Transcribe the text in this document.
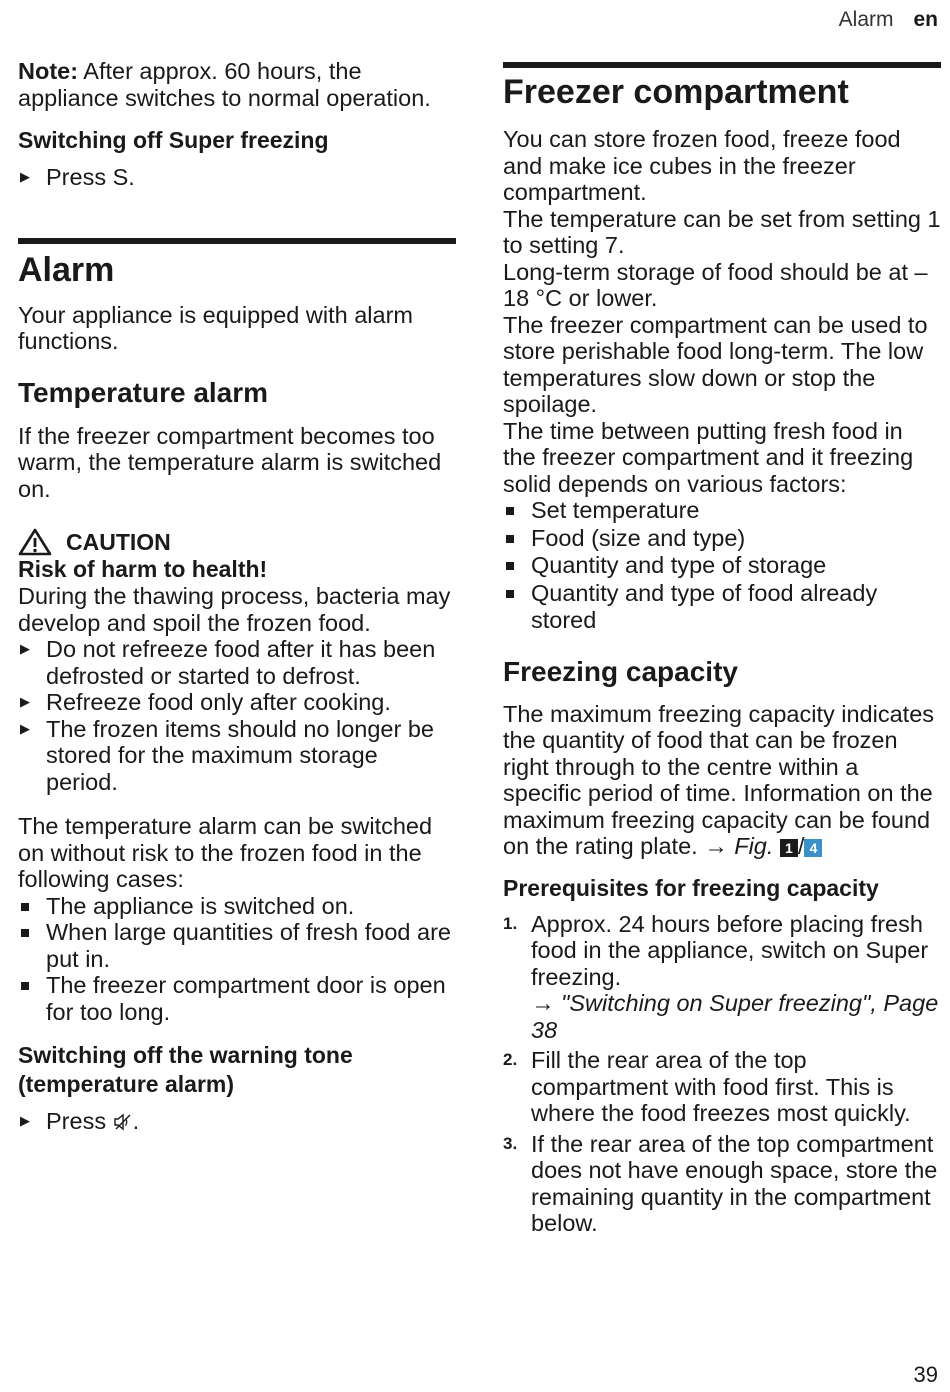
Alarm en

Note: After approx. 60 hours, the appliance switches to normal operation.

Switching off Super freezing
▶ Press S.
Alarm

Your appliance is equipped with alarm functions.

Temperature alarm

If the freezer compartment becomes too warm, the temperature alarm is switched on.

CAUTION
Risk of harm to health!

During the thawing process, bacteria may develop and spoil the frozen food.

▶ Do not refreeze food after it has been defrosted or started to defrost.
▶ Refreeze food only after cooking.
▶ The frozen items should no longer be stored for the maximum storage period.

The temperature alarm can be switched on without risk to the frozen food in the following cases:

The appliance is switched on.
When large quantities of fresh food are put in.
The freezer compartment door is open for too long.
Switching off the warning tone (temperature alarm)
▶ Press .
Freezer compartment

You can store frozen food, freeze food and make ice cubes in the freezer compartment.

The temperature can be set from setting 1 to setting 7.

Long-term storage of food should be at –18 °C or lower.

The freezer compartment can be used to store perishable food long-term. The low temperatures slow down or stop the spoilage.

The time between putting fresh food in the freezer compartment and it freezing solid depends on various factors:

Set temperature
Food (size and type)
Quantity and type of storage
Quantity and type of food already stored
Freezing capacity

The maximum freezing capacity indicates the quantity of food that can be frozen right through to the centre within a specific period of time. Information on the maximum freezing capacity can be found on the rating plate. → Fig. 1 / 4

Prerequisites for freezing capacity
1. Approx. 24 hours before placing fresh food in the appliance, switch on Super freezing.
→ "Switching on Super freezing", Page 38
2. Fill the rear area of the top compartment with food first. This is where the food freezes most quickly.
3. If the rear area of the top compartment does not have enough space, store the remaining quantity in the compartment below.
39
